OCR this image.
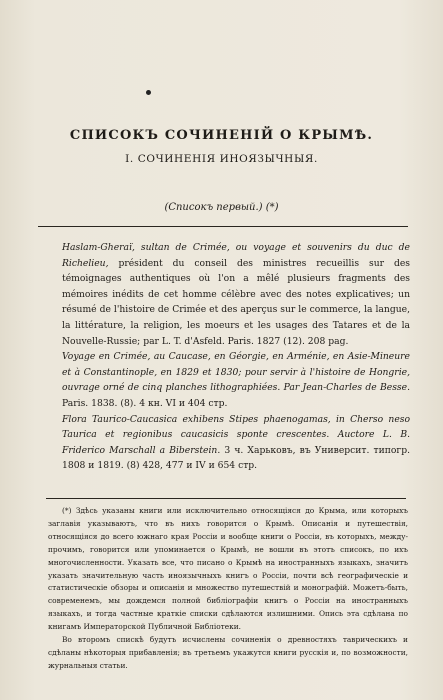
СПИСОКЪ СОЧИНЕНІЙ О КРЫМѢ.
I. СОЧИНЕНІЯ ИНОЯЗЫЧНЫЯ.
(Списокъ первый.) (*)

Haslam-Gheraï, sultan de Crimée, ou voyage et souvenirs du duc de Richelieu, président du conseil des ministres recueillis sur des témoignages authentiques où l'on a mêlé plusieurs fragments des mémoires inédits de cet homme célèbre avec des notes explicatives; un résumé de l'histoire de Crimée et des aperçus sur le commerce, la langue, la littérature, la religion, les moeurs et les usages des Tatares et de la Nouvelle-Russie; par L. T. d'Asfeld. Paris. 1827 (12). 208 pag.

Voyage en Crimée, au Caucase, en Géorgie, en Arménie, en Asie-Mineure et à Constantinople, en 1829 et 1830; pour servir à l'histoire de Hongrie, ouvrage orné de cinq planches lithographiées. Par Jean-Charles de Besse. Paris. 1838. (8). 4 кн. VI и 404 стр.

Flora Taurico-Caucasica exhibens Stipes phaenogamas, in Cherso neso Taurica et regionibus caucasicis sponte crescentes. Auctore L. B. Friderico Marschall a Biberstein. 3 ч. Харьковъ, въ Университ. типогр. 1808 и 1819. (8) 428, 477 и IV и 654 стр.

(*) Здѣсь указаны книги или исключительно относящіяся до Крыма, или которыхъ заглавія указываютъ, что въ нихъ говорится о Крымѣ. Описанія и путешествія, относящіяся до всего южнаго края Россіи и вообще книги о Россіи, въ которыхъ, между-прочимъ, говорится или упоминается о Крымѣ, не вошли въ этотъ списокъ, по ихъ многочисленности. Указать все, что писано о Крымѣ на иностранныхъ языкахъ, значитъ указать значительную часть иноязычныхъ книгъ о Россіи, почти всѣ географическіе и статистическіе обзоры и описанія и множество путешествій и монографій. Можетъ-быть, современемъ, мы дождемся полной библіографіи книгъ о Россіи на иностранныхъ языкахъ, и тогда частные краткіе списки сдѣлаются излишними. Опись эта сдѣлана по книгамъ Императорской Публичной Библіотеки.

Во второмъ спискѣ будутъ исчислены сочиненія о древностяхъ таврическихъ и сдѣланы нѣкоторыя прибавленія; въ третьемъ укажутся книги русскія и, по возможности, журнальныя статьи.
